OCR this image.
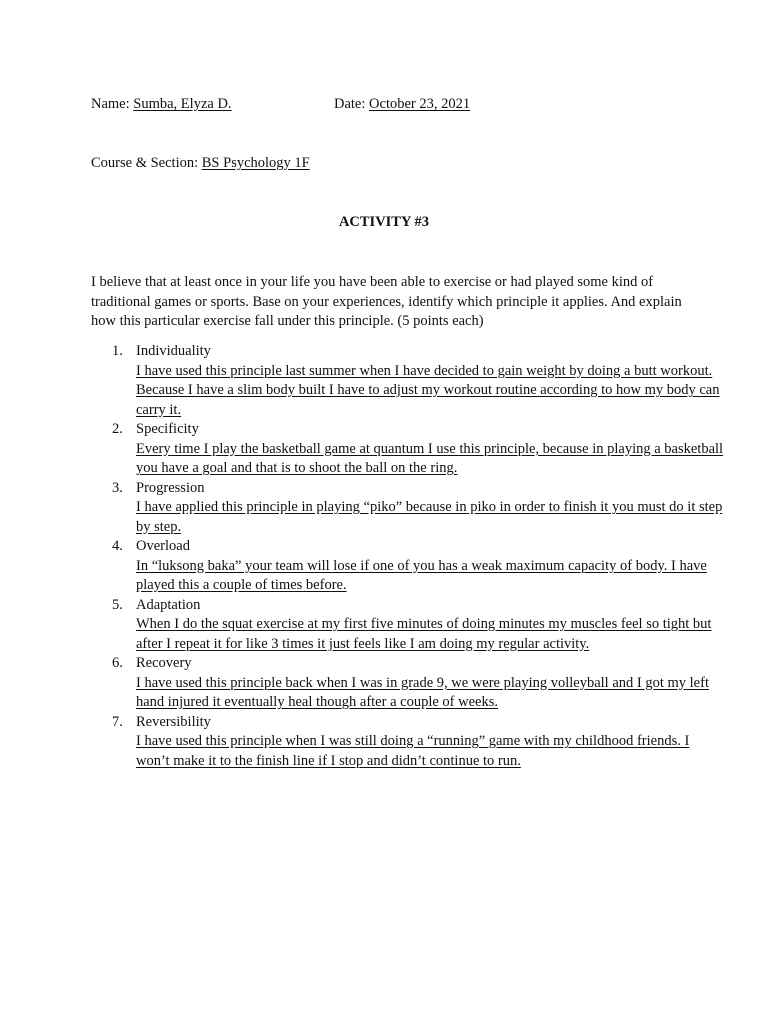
Name: Sumba, Elyza D.	Date: October 23, 2021
Course & Section: BS Psychology 1F
ACTIVITY #3
I believe that at least once in your life you have been able to exercise or had played some kind of traditional games or sports. Base on your experiences, identify which principle it applies. And explain how this particular exercise fall under this principle. (5 points each)
1. Individuality
I have used this principle last summer when I have decided to gain weight by doing a butt workout. Because I have a slim body built I have to adjust my workout routine according to how my body can carry it.
2. Specificity
Every time I play the basketball game at quantum I use this principle, because in playing a basketball you have a goal and that is to shoot the ball on the ring.
3. Progression
I have applied this principle in playing “piko” because in piko in order to finish it you must do it step by step.
4. Overload
In “luksong baka” your team will lose if one of you has a weak maximum capacity of body. I have played this a couple of times before.
5. Adaptation
When I do the squat exercise at my first five minutes of doing minutes my muscles feel so tight but after I repeat it for like 3 times it just feels like I am doing my regular activity.
6. Recovery
I have used this principle back when I was in grade 9, we were playing volleyball and I got my left hand injured it eventually heal though after a couple of weeks.
7. Reversibility
I have used this principle when I was still doing a “running” game with my childhood friends. I won’t make it to the finish line if I stop and didn’t continue to run.
